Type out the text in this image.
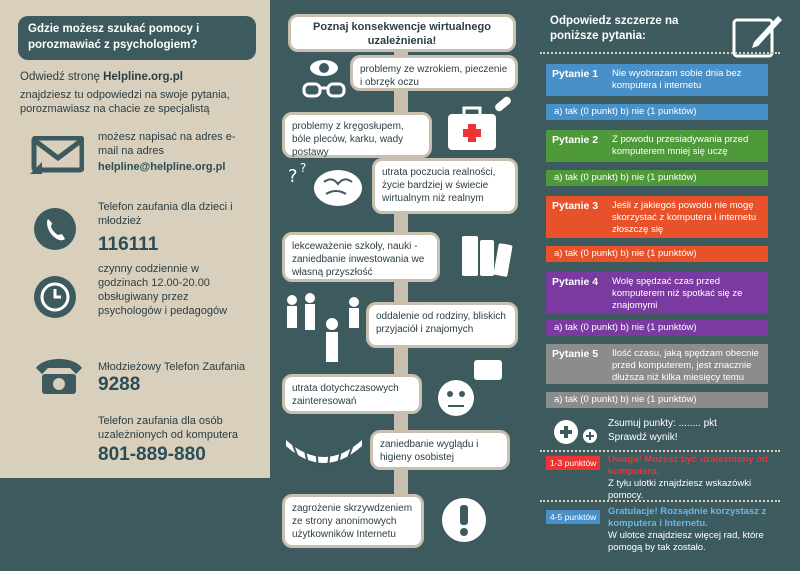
Gdzie możesz szukać pomocy i porozmawiać z psychologiem?
Odwiedź stronę Helpline.org.pl
znajdziesz tu odpowiedzi na swoje pytania, porozmawiasz na chacie ze specjalistą
możesz napisać na adres e-mail na adres
helpline@helpline.org.pl
Telefon zaufania dla dzieci i młodzież
116111
czynny codziennie w godzinach 12.00-20.00 obsługiwany przez psychologów i pedagogów
Młodzieżowy Telefon Zaufania
9288
Telefon zaufania dla osób uzależnionych od komputera
801-889-880
Poznaj konsekwencje wirtualnego uzależnienia!
problemy ze wzrokiem, pieczenie i obrzęk oczu
problemy z kręgosłupem, bóle pleców, karku, wady postawy
utrata poczucia realności, życie bardziej w świecie wirtualnym niż realnym
lekceważenie szkoły, nauki - zaniedbanie inwestowania we własną przyszłość
oddalenie od rodziny, bliskich przyjaciół i znajomych
utrata dotychczasowych zainteresowań
zaniedbanie wyglądu i higieny osobistej
zagrożenie skrzywdzeniem ze strony anonimowych użytkowników Internetu
? ?
Odpowiedz szczerze na poniższe pytania:
Pytanie 1	Nie wyobrażam sobie dnia bez komputera i internetu
a) tak (0 punkt) b) nie (1 punktów)
Pytanie 2	Z powodu przesiadywania przed komputerem mniej się uczę
a) tak (0 punkt) b) nie (1 punktów)
Pytanie 3	Jeśli z jakiegoś powodu nie mogę skorzystać z komputera i internetu złoszczę się
a) tak (0 punkt) b) nie (1 punktów)
Pytanie 4	Wolę spędzać czas przed komputerem niż spotkać się ze znajomymi
a) tak (0 punkt) b) nie (1 punktów)
Pytanie 5	Ilość czasu, jaką spędzam obecnie przed komputerem, jest znacznie dłuższa niż kilka miesięcy temu
a) tak (0 punkt) b) nie (1 punktów)
Zsumuj punkty: ........ pkt
Sprawdź wynik!
1-3 punktów	Uwaga! Możesz być uzależniony od komputera.
Z tyłu ulotki znajdziesz wskazówki pomocy.
4-5 punktów	Gratulacje! Rozsądnie korzystasz z komputera i Internetu.
W ulotce znajdziesz więcej rad, które pomogą by tak zostało.
